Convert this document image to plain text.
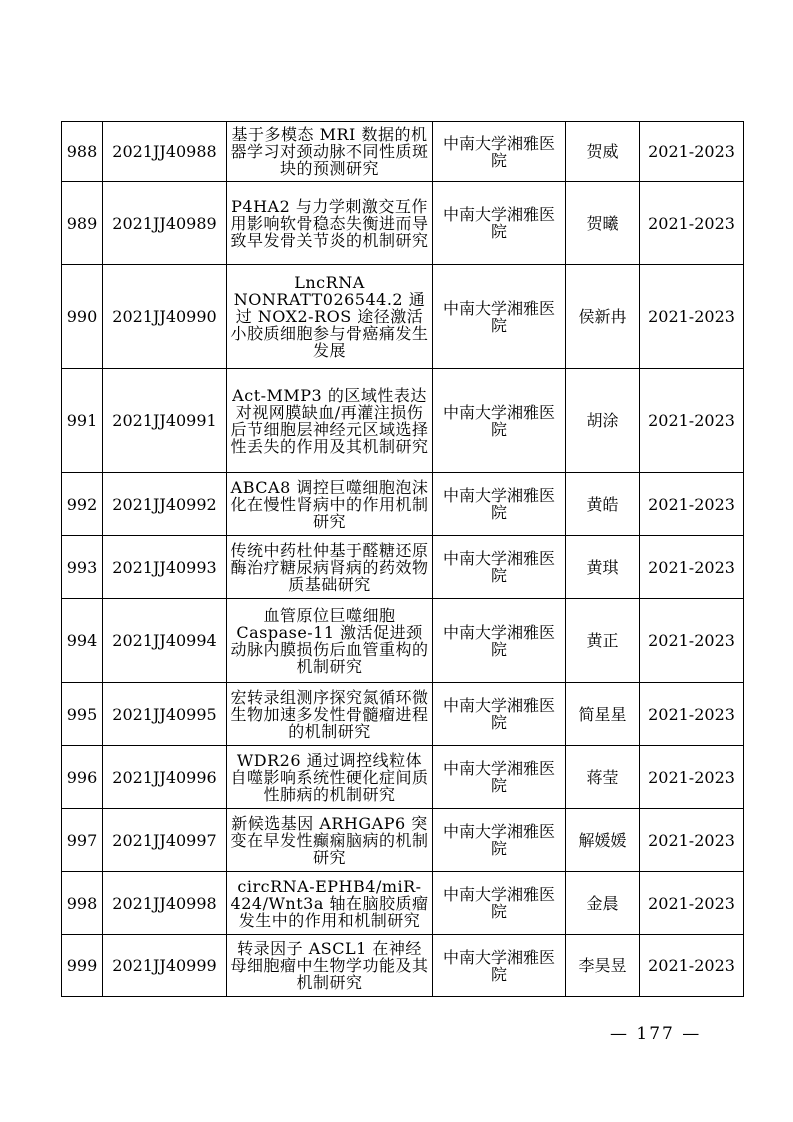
988	2021JJ40988	基于多模态 MRI 数据的机器学习对颈动脉不同性质斑块的预测研究	中南大学湘雅医院	贺威	2021-2023
989	2021JJ40989	P4HA2 与力学刺激交互作用影响软骨稳态失衡进而导致早发骨关节炎的机制研究	中南大学湘雅医院	贺曦	2021-2023
990	2021JJ40990	LncRNA NONRATT026544.2 通过 NOX2-ROS 途径激活小胶质细胞参与骨癌痛发生发展	中南大学湘雅医院	侯新冉	2021-2023
991	2021JJ40991	Act-MMP3 的区域性表达对视网膜缺血/再灌注损伤后节细胞层神经元区域选择性丢失的作用及其机制研究	中南大学湘雅医院	胡涂	2021-2023
992	2021JJ40992	ABCA8 调控巨噬细胞泡沫化在慢性肾病中的作用机制研究	中南大学湘雅医院	黄皓	2021-2023
993	2021JJ40993	传统中药杜仲基于醛糖还原酶治疗糖尿病肾病的药效物质基础研究	中南大学湘雅医院	黄琪	2021-2023
994	2021JJ40994	血管原位巨噬细胞 Caspase-11 激活促进颈动脉内膜损伤后血管重构的机制研究	中南大学湘雅医院	黄正	2021-2023
995	2021JJ40995	宏转录组测序探究氮循环微生物加速多发性骨髓瘤进程的机制研究	中南大学湘雅医院	简星星	2021-2023
996	2021JJ40996	WDR26 通过调控线粒体自噬影响系统性硬化症间质性肺病的机制研究	中南大学湘雅医院	蒋莹	2021-2023
997	2021JJ40997	新候选基因 ARHGAP6 突变在早发性癫痫脑病的机制研究	中南大学湘雅医院	解媛媛	2021-2023
998	2021JJ40998	circRNA-EPHB4/miR-424/Wnt3a 轴在脑胶质瘤发生中的作用和机制研究	中南大学湘雅医院	金晨	2021-2023
999	2021JJ40999	转录因子 ASCL1 在神经母细胞瘤中生物学功能及其机制研究	中南大学湘雅医院	李昊昱	2021-2023
— 177 —
